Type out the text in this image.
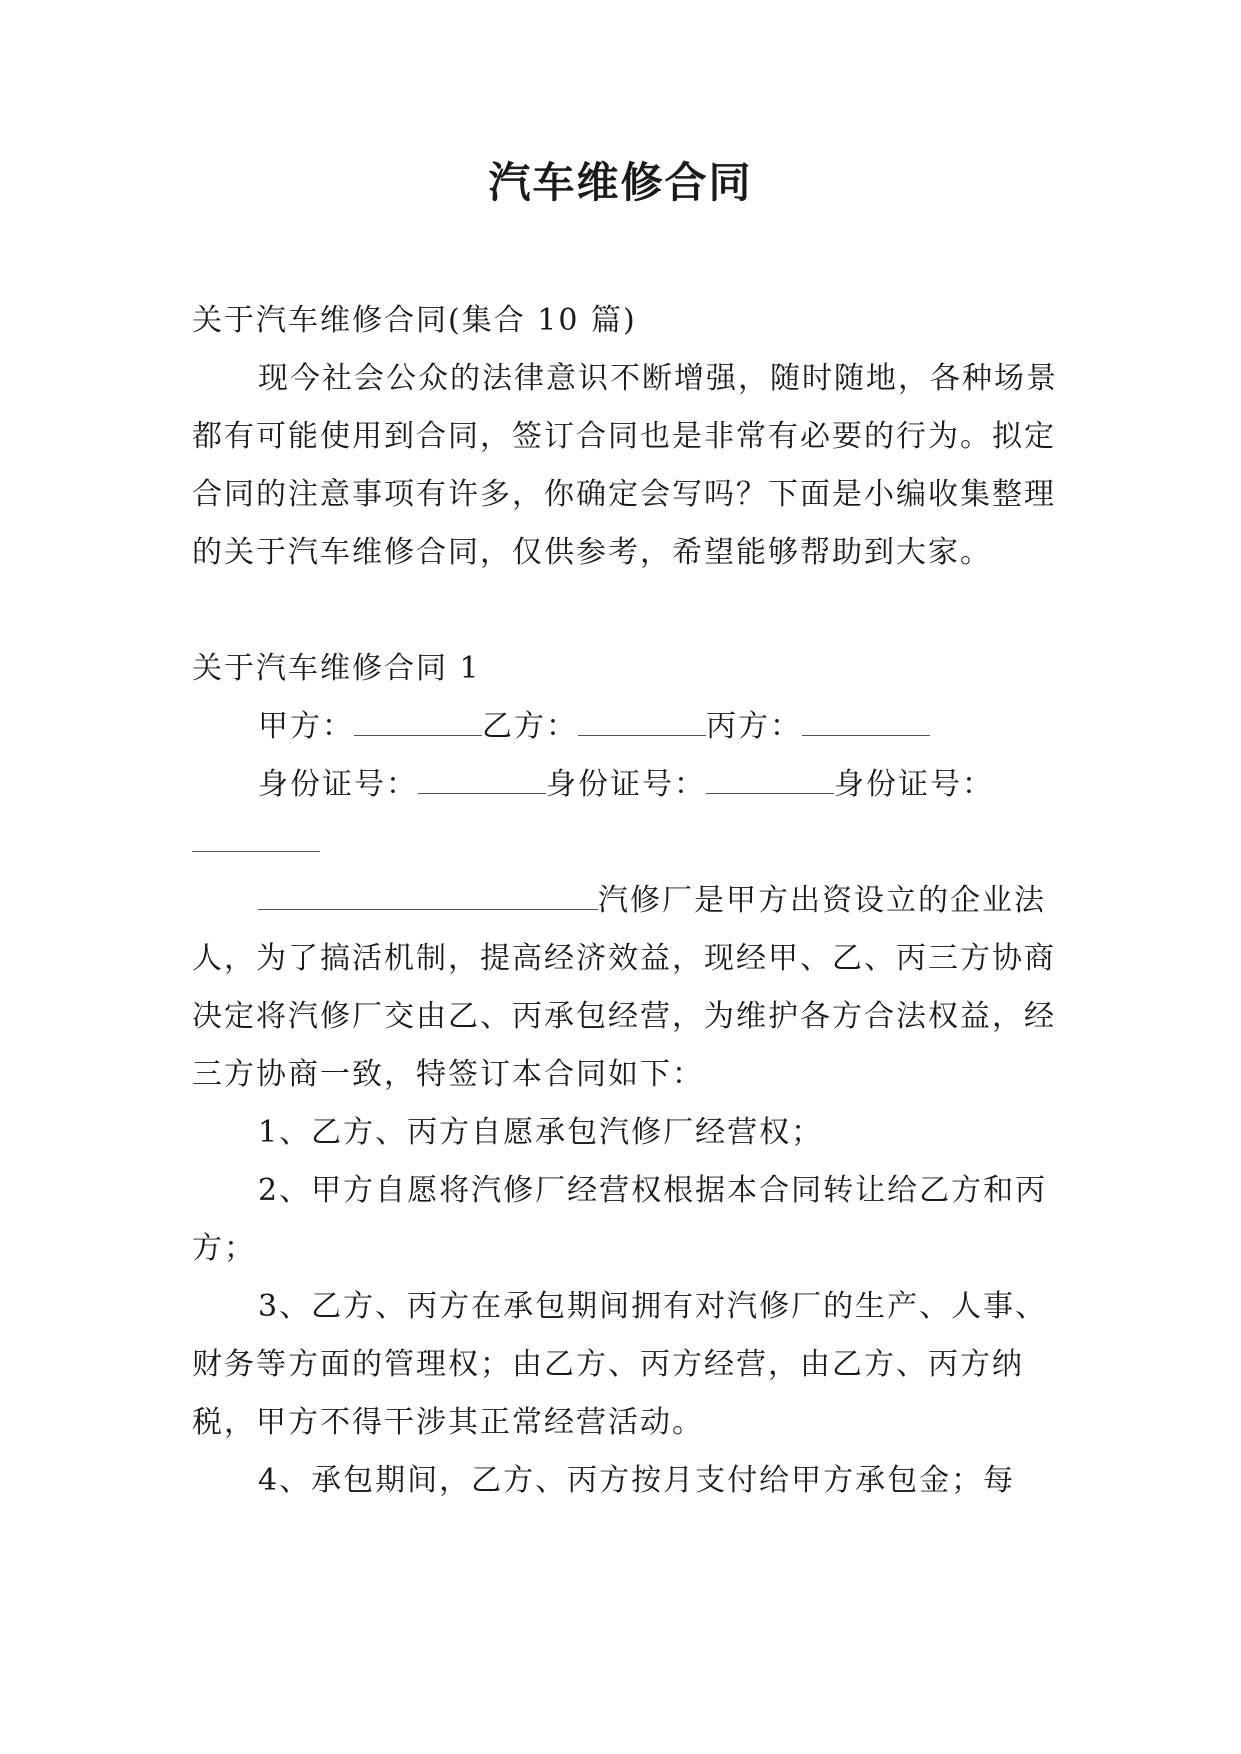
汽车维修合同

关于汽车维修合同(集合 10 篇)

现今社会公众的法律意识不断增强，随时随地，各种场景都有可能使用到合同，签订合同也是非常有必要的行为。拟定合同的注意事项有许多，你确定会写吗？下面是小编收集整理的关于汽车维修合同，仅供参考，希望能够帮助到大家。

关于汽车维修合同 1

甲方：	乙方：	丙方：

身份证号：	身份证号：	身份证号：

汽修厂是甲方出资设立的企业法人，为了搞活机制，提高经济效益，现经甲、乙、丙三方协商决定将汽修厂交由乙、丙承包经营，为维护各方合法权益，经三方协商一致，特签订本合同如下：

1、乙方、丙方自愿承包汽修厂经营权；

2、甲方自愿将汽修厂经营权根据本合同转让给乙方和丙方；

3、乙方、丙方在承包期间拥有对汽修厂的生产、人事、财务等方面的管理权；由乙方、丙方经营，由乙方、丙方纳税，甲方不得干涉其正常经营活动。

4、承包期间，乙方、丙方按月支付给甲方承包金；每
